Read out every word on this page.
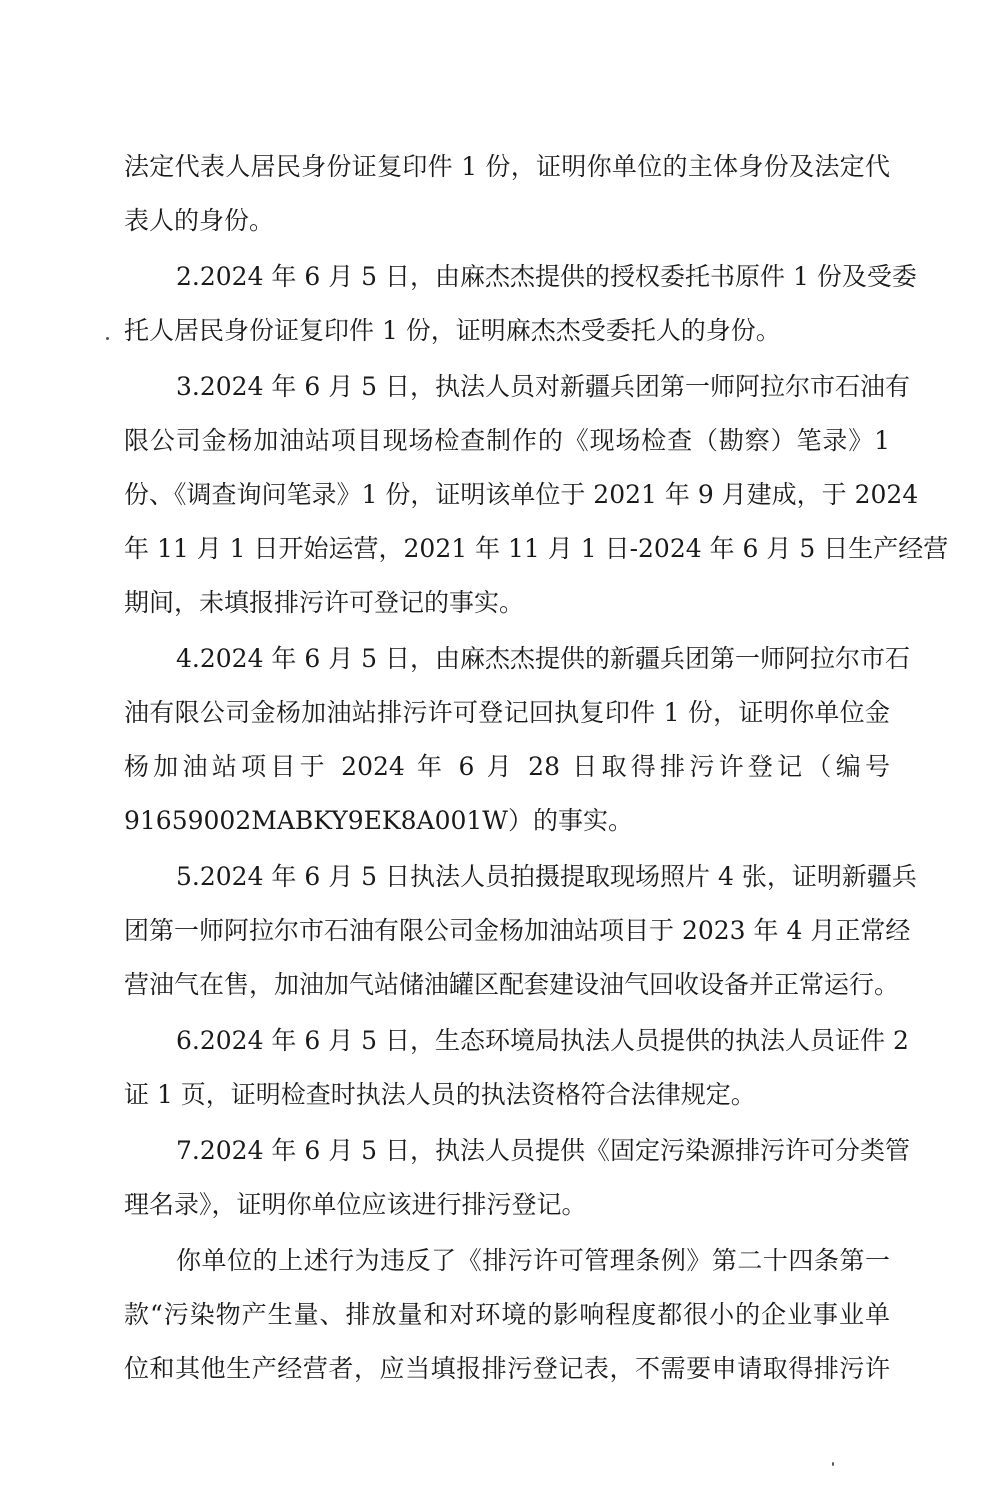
法定代表人居民身份证复印件 1 份，证明你单位的主体身份及法定代
表人的身份。
2.2024 年 6 月 5 日，由麻杰杰提供的授权委托书原件 1 份及受委
托人居民身份证复印件 1 份，证明麻杰杰受委托人的身份。
3.2024 年 6 月 5 日，执法人员对新疆兵团第一师阿拉尔市石油有
限公司金杨加油站项目现场检查制作的《现场检查（勘察）笔录》1
份、《调查询问笔录》1 份，证明该单位于 2021 年 9 月建成，于 2024
年 11 月 1 日开始运营，2021 年 11 月 1 日-2024 年 6 月 5 日生产经营
期间，未填报排污许可登记的事实。
4.2024 年 6 月 5 日，由麻杰杰提供的新疆兵团第一师阿拉尔市石
油有限公司金杨加油站排污许可登记回执复印件 1 份，证明你单位金
杨加油站项目于 2024 年 6 月 28 日取得排污许登记（编号
91659002MABKY9EK8A001W）的事实。
5.2024 年 6 月 5 日执法人员拍摄提取现场照片 4 张，证明新疆兵
团第一师阿拉尔市石油有限公司金杨加油站项目于 2023 年 4 月正常经
营油气在售，加油加气站储油罐区配套建设油气回收设备并正常运行。
6.2024 年 6 月 5 日，生态环境局执法人员提供的执法人员证件 2
证 1 页，证明检查时执法人员的执法资格符合法律规定。
7.2024 年 6 月 5 日，执法人员提供《固定污染源排污许可分类管
理名录》，证明你单位应该进行排污登记。
你单位的上述行为违反了《排污许可管理条例》第二十四条第一
款“污染物产生量、排放量和对环境的影响程度都很小的企业事业单
位和其他生产经营者，应当填报排污登记表，不需要申请取得排污许
